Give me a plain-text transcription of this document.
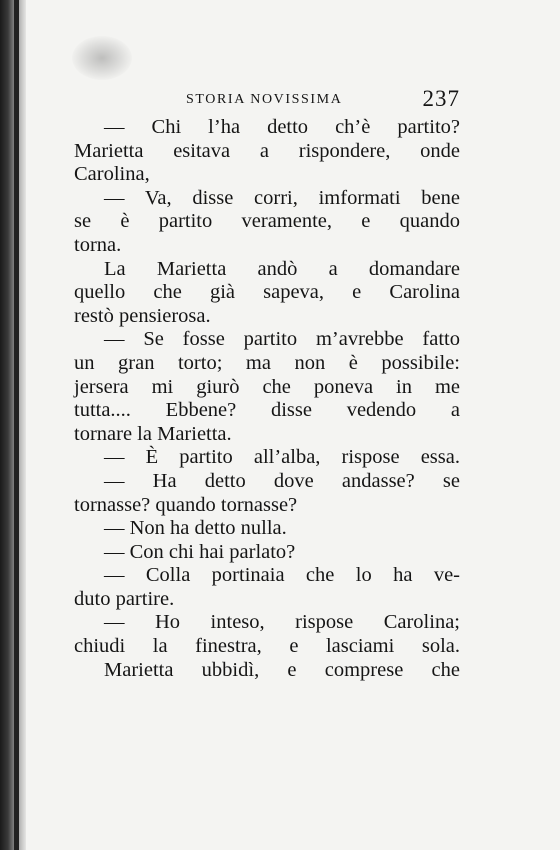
STORIA NOVISSIMA	237
— Chi l’ha detto ch’è partito?
Marietta esitava a rispondere, onde
Carolina,
— Va, disse corri, imformati bene
se è partito veramente, e quando
torna.
La Marietta andò a domandare
quello che già sapeva, e Carolina
restò pensierosa.
— Se fosse partito m’avrebbe fatto
un gran torto; ma non è possibile:
jersera mi giurò che poneva in me
tutta.... Ebbene? disse vedendo a
tornare la Marietta.
— È partito all’alba, rispose essa.
— Ha detto dove andasse? se
tornasse? quando tornasse?
— Non ha detto nulla.
— Con chi hai parlato?
— Colla portinaia che lo ha ve-
duto partire.
— Ho inteso, rispose Carolina;
chiudi la finestra, e lasciami sola.
Marietta ubbidì, e comprese che
